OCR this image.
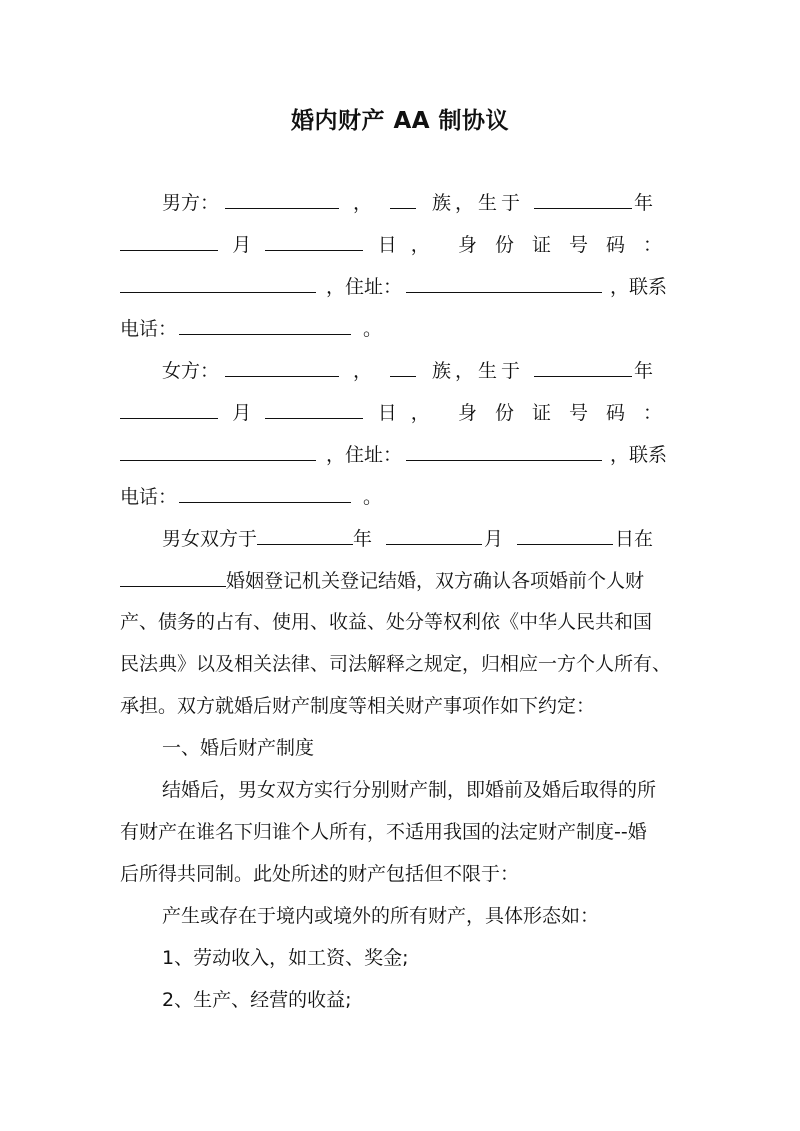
婚内财产 AA 制协议
男方：	，	族，生于	年
月	日， 身份证号码：
，住址：	，联系
电话：	。
女方：	，	族，生于	年
月	日， 身份证号码：
，住址：	，联系
电话：	。
男女双方于	年	月	日在
婚姻登记机关登记结婚，双方确认各项婚前个人财
产、债务的占有、使用、收益、处分等权利依《中华人民共和国
民法典》以及相关法律、司法解释之规定，归相应一方个人所有、
承担。双方就婚后财产制度等相关财产事项作如下约定：
一、婚后财产制度
结婚后，男女双方实行分别财产制，即婚前及婚后取得的所
有财产在谁名下归谁个人所有，不适用我国的法定财产制度--婚
后所得共同制。此处所述的财产包括但不限于：
产生或存在于境内或境外的所有财产，具体形态如：
1、劳动收入，如工资、奖金;
2、生产、经营的收益;
